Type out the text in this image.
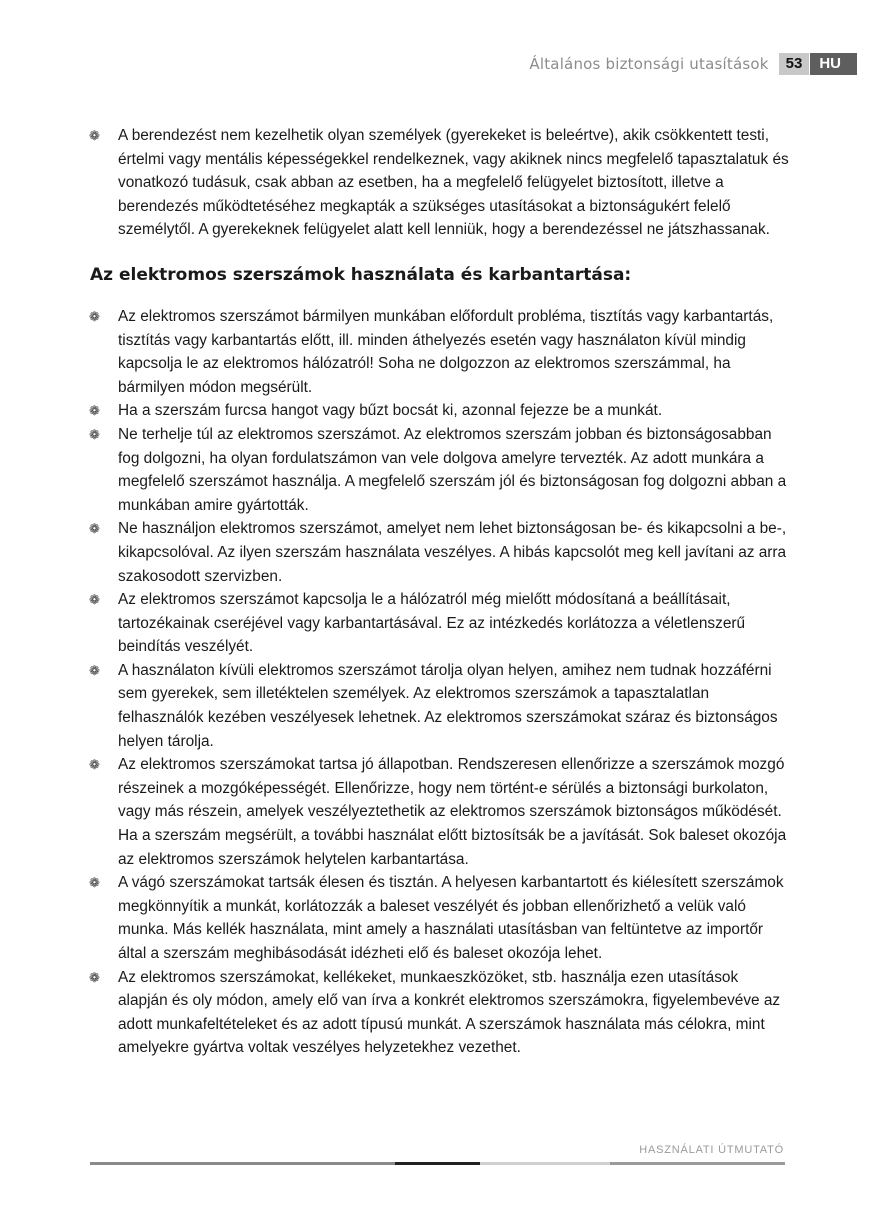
Általános biztonsági utasítások	53	HU
❁ A berendezést nem kezelhetik olyan személyek (gyerekeket is beleértve), akik csökkentett testi, értelmi vagy mentális képességekkel rendelkeznek, vagy akiknek nincs megfelelő tapasztalatuk és vonatkozó tudásuk, csak abban az esetben, ha a megfelelő felügyelet biztosított, illetve a berendezés működtetéséhez megkapták a szükséges utasításokat a biztonságukért felelő személytől. A gyerekeknek felügyelet alatt kell lenniük, hogy a berendezéssel ne játszhassanak.
Az elektromos szerszámok használata és karbantartása:
❁ Az elektromos szerszámot bármilyen munkában előfordult probléma, tisztítás vagy karbantartás, tisztítás vagy karbantartás előtt, ill. minden áthelyezés esetén vagy használaton kívül mindig kapcsolja le az elektromos hálózatról! Soha ne dolgozzon az elektromos szerszámmal, ha bármilyen módon megsérült.
❁ Ha a szerszám furcsa hangot vagy bűzt bocsát ki, azonnal fejezze be a munkát.
❁ Ne terhelje túl az elektromos szerszámot. Az elektromos szerszám jobban és biztonságosabban fog dolgozni, ha olyan fordulatszámon van vele dolgova amelyre tervezték. Az adott munkára a megfelelő szerszámot használja. A megfelelő szerszám jól és biztonságosan fog dolgozni abban a munkában amire gyártották.
❁ Ne használjon elektromos szerszámot, amelyet nem lehet biztonságosan be- és kikapcsolni a be-, kikapcsolóval. Az ilyen szerszám használata veszélyes. A hibás kapcsolót meg kell javítani az arra szakosodott szervizben.
❁ Az elektromos szerszámot kapcsolja le a hálózatról még mielőtt módosítaná a beállításait, tartozékainak cseréjével vagy karbantartásával. Ez az intézkedés korlátozza a véletlenszerű beindítás veszélyét.
❁ A használaton kívüli elektromos szerszámot tárolja olyan helyen, amihez nem tudnak hozzáférni sem gyerekek, sem illetéktelen személyek. Az elektromos szerszámok a tapasztalatlan felhasználók kezében veszélyesek lehetnek. Az elektromos szerszámokat száraz és biztonságos helyen tárolja.
❁ Az elektromos szerszámokat tartsa jó állapotban. Rendszeresen ellenőrizze a szerszámok mozgó részeinek a mozgóképességét. Ellenőrizze, hogy nem történt-e sérülés a biztonsági burkolaton, vagy más részein, amelyek veszélyeztethetik az elektromos szerszámok biztonságos működését. Ha a szerszám megsérült, a további használat előtt biztosítsák be a javítását. Sok baleset okozója az elektromos szerszámok helytelen karbantartása.
❁ A vágó szerszámokat tartsák élesen és tisztán. A helyesen karbantartott és kiélesített szerszámok megkönnyítik a munkát, korlátozzák a baleset veszélyét és jobban ellenőrizhető a velük való munka. Más kellék használata, mint amely a használati utasításban van feltüntetve az importőr által a szerszám meghibásodását idézheti elő és baleset okozója lehet.
❁ Az elektromos szerszámokat, kellékeket, munkaeszközöket, stb. használja ezen utasítások alapján és oly módon, amely elő van írva a konkrét elektromos szerszámokra, figyelembevéve az adott munkafeltételeket és az adott típusú munkát. A szerszámok használata más célokra, mint amelyekre gyártva voltak veszélyes helyzetekhez vezethet.
HASZNÁLATI ÚTMUTATÓ
